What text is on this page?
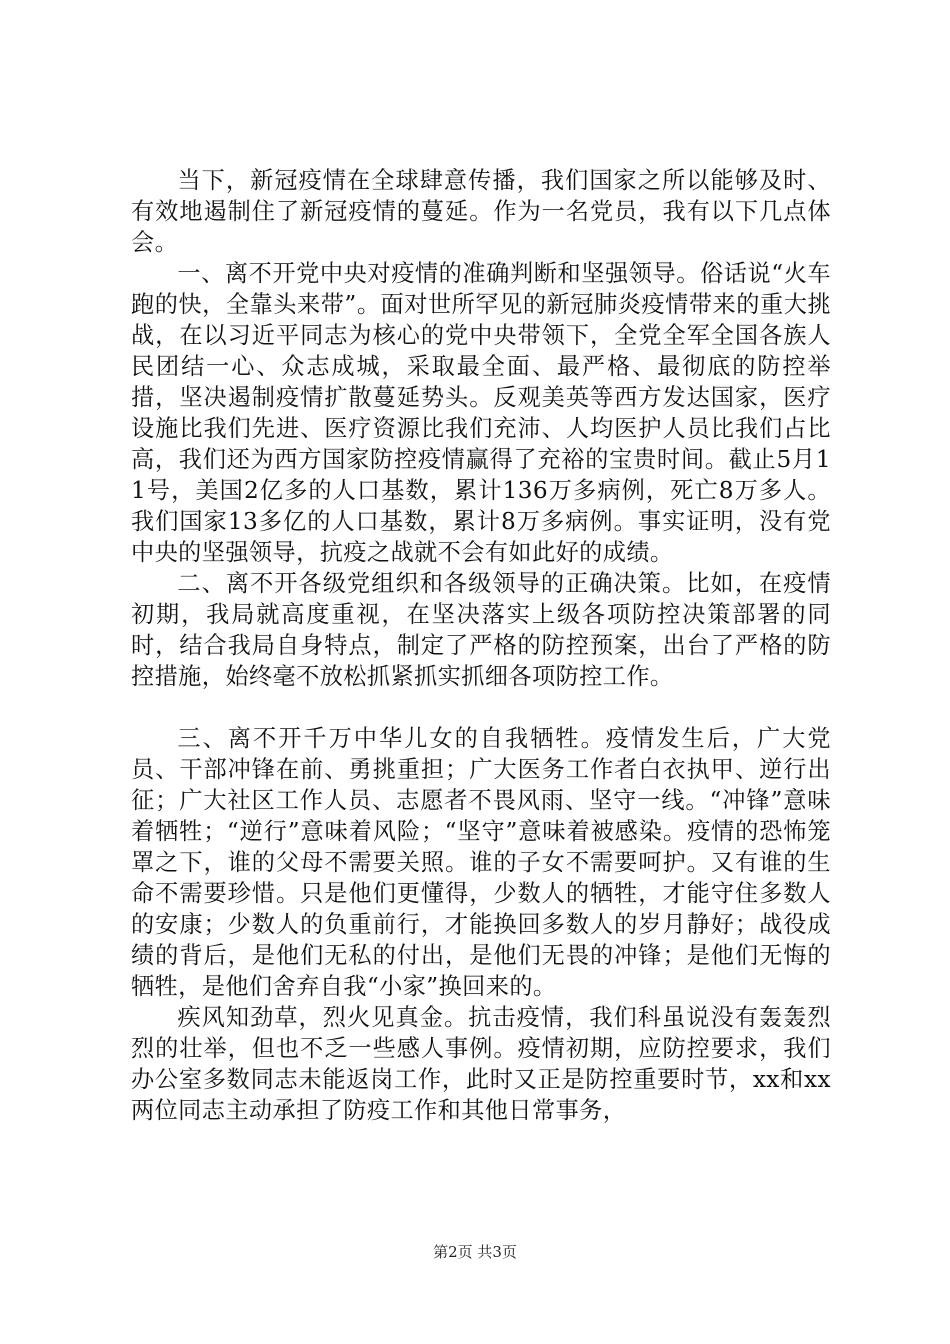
当下，新冠疫情在全球肆意传播，我们国家之所以能够及时、有效地遏制住了新冠疫情的蔓延。作为一名党员，我有以下几点体会。

一、离不开党中央对疫情的准确判断和坚强领导。俗话说“火车跑的快，全靠头来带”。面对世所罕见的新冠肺炎疫情带来的重大挑战，在以习近平同志为核心的党中央带领下，全党全军全国各族人民团结一心、众志成城，采取最全面、最严格、最彻底的防控举措，坚决遏制疫情扩散蔓延势头。反观美英等西方发达国家，医疗设施比我们先进、医疗资源比我们充沛、人均医护人员比我们占比高，我们还为西方国家防控疫情赢得了充裕的宝贵时间。截止5月11号，美国2亿多的人口基数，累计136万多病例，死亡8万多人。我们国家13多亿的人口基数，累计8万多病例。事实证明，没有党中央的坚强领导，抗疫之战就不会有如此好的成绩。

二、离不开各级党组织和各级领导的正确决策。比如，在疫情初期，我局就高度重视，在坚决落实上级各项防控决策部署的同时，结合我局自身特点，制定了严格的防控预案，出台了严格的防控措施，始终毫不放松抓紧抓实抓细各项防控工作。

三、离不开千万中华儿女的自我牺牲。疫情发生后，广大党员、干部冲锋在前、勇挑重担；广大医务工作者白衣执甲、逆行出征；广大社区工作人员、志愿者不畏风雨、坚守一线。“冲锋”意味着牺牲；“逆行”意味着风险；“坚守”意味着被感染。疫情的恐怖笼罩之下，谁的父母不需要关照。谁的子女不需要呵护。又有谁的生命不需要珍惜。只是他们更懂得，少数人的牺牲，才能守住多数人的安康；少数人的负重前行，才能换回多数人的岁月静好；战役成绩的背后，是他们无私的付出，是他们无畏的冲锋；是他们无悔的牺牲，是他们舍弃自我“小家”换回来的。

疾风知劲草，烈火见真金。抗击疫情，我们科虽说没有轰轰烈烈的壮举，但也不乏一些感人事例。疫情初期，应防控要求，我们办公室多数同志未能返岗工作，此时又正是防控重要时节，xx和xx两位同志主动承担了防疫工作和其他日常事务，

第2页 共3页
